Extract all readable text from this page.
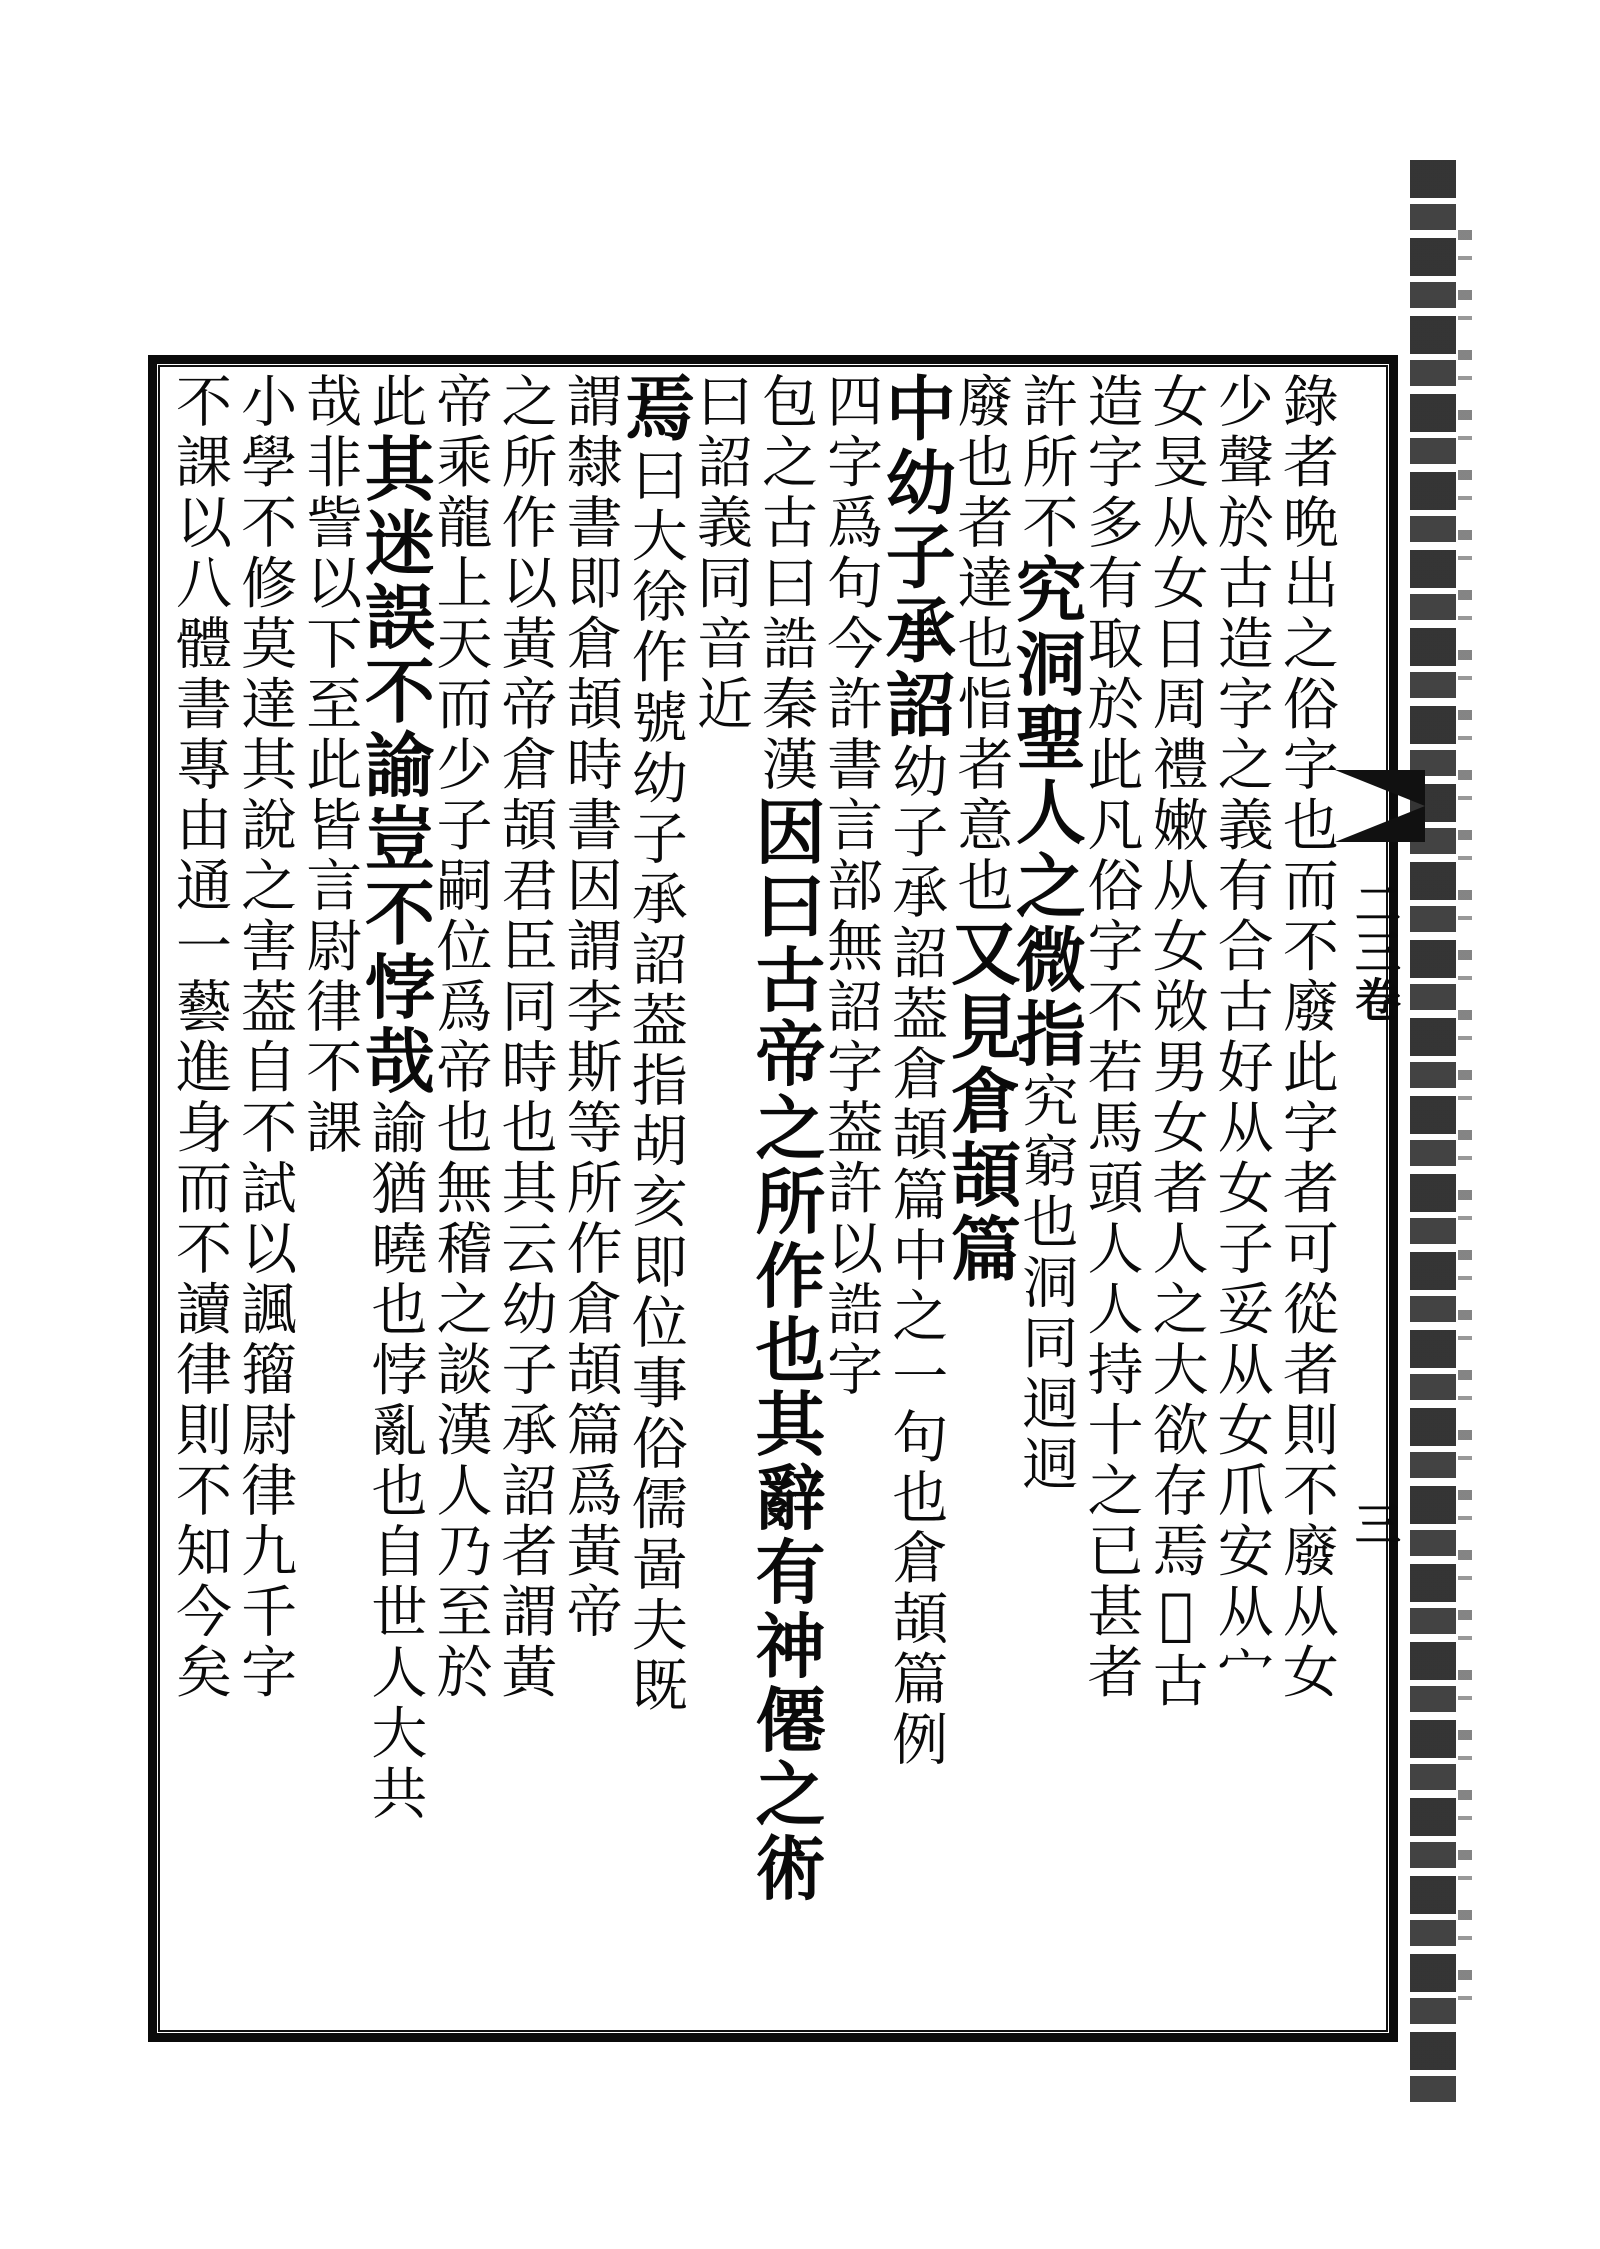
二三卷
三
錄者晩出之俗字也而不廢此字者可從者則不廢从女
少聲於古造字之義有合古好从女子妥从女爪安从宀
女旻从女日周禮嫩从女敚男女者人之大欲存焉𢽳古
造字多有取於此凡俗字不若馬頭人人持十之已甚者
許所不究洞聖人之微指究窮也洞同迵迵
廢也者達也恉者意也又見倉頡篇
中幼子承詔幼子承詔葢倉頡篇中之一句也倉頡篇例
四字爲句今許書言部無詔字葢許以誥字
包之古曰誥秦漢因曰古帝之所作也其辭有神僊之術
曰詔義同音近
焉曰大徐作號幼子承詔葢指胡亥即位事俗儒啚夫既
謂隸書即倉頡時書因謂李斯等所作倉頡篇爲黃帝
之所作以黃帝倉頡君臣同時也其云幼子承詔者謂黃
帝乘龍上天而少子嗣位爲帝也無稽之談漢人乃至於
此其迷誤不諭豈不悖哉諭猶曉也悖亂也自世人大共
哉非訾以下至此皆言尉律不課
小學不修莫達其說之害葢自不試以諷籀尉律九千字
不課以八體書專由通一藝進身而不讀律則不知今矣
